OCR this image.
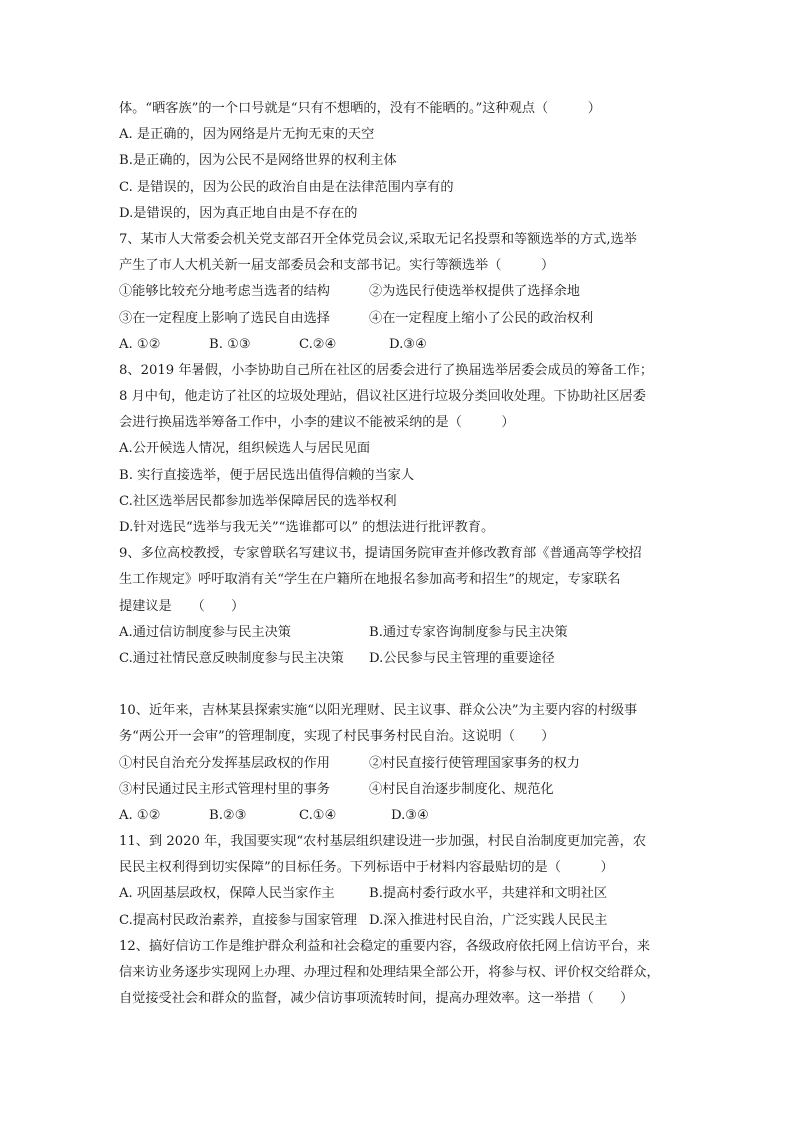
体。“晒客族”的一个口号就是“只有不想晒的，没有不能晒的。”这种观点（　　　）
A. 是正确的，因为网络是片无拘无束的天空
B.是正确的，因为公民不是网络世界的权利主体
C. 是错误的，因为公民的政治自由是在法律范围内享有的
D.是错误的，因为真正地自由是不存在的
7、某市人大常委会机关党支部召开全体党员会议,采取无记名投票和等额选举的方式,选举
产生了市人大机关新一届支部委员会和支部书记。实行等额选举（　　　）
①能够比较充分地考虑当选者的结构	②为选民行使选举权提供了选择余地
③在一定程度上影响了选民自由选择	④在一定程度上缩小了公民的政治权利
A. ①②	B. ①③	C.②④	D.③④
8、2019 年暑假，小李协助自己所在社区的居委会进行了换届选举居委会成员的筹备工作；
8 月中旬，他走访了社区的垃圾处理站，倡议社区进行垃圾分类回收处理。下协助社区居委
会进行换届选举筹备工作中，小李的建议不能被采纳的是（　　　）
A.公开候选人情况，组织候选人与居民见面
B. 实行直接选举，便于居民选出值得信赖的当家人
C.社区选举居民都参加选举保障居民的选举权利
D.针对选民“选举与我无关”“选谁都可以” 的想法进行批评教育。
9、多位高校教授，专家曾联名写建议书，提请国务院审查并修改教育部《普通高等学校招
生工作规定》呼吁取消有关“学生在户籍所在地报名参加高考和招生”的规定，专家联名
提建议是　　（　　）
A.通过信访制度参与民主决策	B.通过专家咨询制度参与民主决策
C.通过社情民意反映制度参与民主决策	D.公民参与民主管理的重要途径
10、近年来，吉林某县探索实施“以阳光理财、民主议事、群众公决”为主要内容的村级事
务“两公开一会审”的管理制度，实现了村民事务村民自治。这说明（　　）
①村民自治充分发挥基层政权的作用	②村民直接行使管理国家事务的权力
③村民通过民主形式管理村里的事务	④村民自治逐步制度化、规范化
A. ①②	B.②③	C.①④	D.③④
11、到 2020 年，我国要实现“农村基层组织建设进一步加强，村民自治制度更加完善，农
民民主权利得到切实保障”的目标任务。下列标语中于材料内容最贴切的是（　　　）
A. 巩固基层政权，保障人民当家作主	B.提高村委行政水平，共建祥和文明社区
C.提高村民政治素养，直接参与国家管理 D.深入推进村民自治，广泛实践人民民主
12、搞好信访工作是维护群众利益和社会稳定的重要内容，各级政府依托网上信访平台，来
信来访业务逐步实现网上办理、办理过程和处理结果全部公开，将参与权、评价权交给群众，
自觉接受社会和群众的监督，减少信访事项流转时间，提高办理效率。这一举措（　　）
